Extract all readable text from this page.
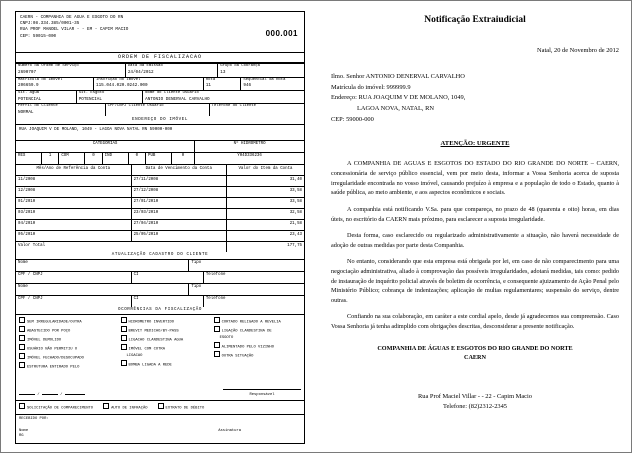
CAERN - COMPANHIA DE AGUA E ESGOTO DO RN
CNPJ:08.334.385/0001-35
RUA PROF MANOEL VILAR - - EM - CAPIM MACIO
CEP: 59015-000	000.001
ORDEM DE FISCALIZACAO
Número da Ordem de Serviço
2690707

Data da Emissão
24/04/2012

Grupo da Cobrança
13
Matrícula do Imóvel
206659.9

Inscrição do Imóvel
115.044.020.0242.000

Rota
11

Sequencial da Rota
946
Sit. Água
POTENCIAL

Sit. Esgoto
POTENCIAL

Nome do Cliente usuário
ANTONIO DENERVAL CARVALHO
Perfil do Cliente
NORMAL

CPF/CNPJ Cliente Usuário	Telefone do Cliente
ENDEREÇO DO IMÓVEL
RUA JOAQUIM V DE MOLAND, 1049 - LAGOA NOVA NATAL RN 59000-000
CATEGORIAS	Nº HIDRÔMETRO
RES	1	COM	0	IND	0	PUB	0	Y04D336236
Mês/Ano de Referência da Conta	Data de Vencimento da Conta	Valor do Item da Conta
11/2008	27/11/2008	31,40
12/2008	27/12/2008	33,58
01/2010	27/01/2010	33,58
03/2010	23/03/2010	32,58
04/2010	27/04/2010	21,58
05/2010	25/05/2010	23,43
Valor Total		177,75
ATUALIZAÇÃO CADASTRO DO CLIENTE
Nome	Tipo
CPF / CNPJ	CI	Telefone
Nome	Tipo
CPF / CNPJ	CI	Telefone
OCORRÊNCIAS DA FISCALIZAÇÃO
SEM IRREGULARIDADE/OUTRA
ABASTECIDO POR POÇO
IMÓVEL DEMOLIDO
USUÁRIO NÃO PERMITIU O
IMÓVEL FECHADO/DESOCUPADO
ESTRUTURA ENTIRADO PELO
HIDROMETRO INVERTIDO
BREVIT MEDICAO/BY-PASS
LIGACAO CLANDESTINA AGUA
IMÓVEL COM COTRA
LIGACAO
BOMBA LIGADA A REDE
CORTADO RELIGADO A REVELIA
LIGAÇÃO CLANDESTINA DE
ESGOTO
ALIMENTADO PELO VIZINHO
OUTRA SITUAÇÃO
/	/	Responsável
SOLICITAÇÃO DE COMPARECIMENTO	AUTO DE INFRAÇÃO	EXTRATO DE DÉBITO
RECEBIDO POR:
Nome	Assinatura
RG
Notificação Extraiudicial
Natal, 20 de Novembro de 2012
Ilmo. Senhor ANTONIO DENERVAL CARVALHO
Matrícula do imóvel: 999999.9
Endereço: RUA JOAQUIM V DE MOLANO, 1049,
LAGOA NOVA, NATAL, RN
CEP: 59000-000
ATENÇÃO: URGENTE
A COMPANHIA DE AGUAS E ESGOTOS DO ESTADO DO RIO GRANDE DO NORTE – CAERN, concessionária de serviço público essencial, vem por meio desta, informar a Vossa Senhoria acerca de suposta irregularidade encontrada no vosso imóvel, causando prejuízo à empresa e a população de todo o Estado, quanto à saúde pública, ao meio ambiente, e aos aspectos econômicos e sociais.
A companhia está notificando V.Sa. para que compareça, no prazo de 48 (quarenta e oito) horas, em dias úteis, no escritório da CAERN mais próximo, para esclarecer a suposta irregularidade.
Desta forma, caso esclarecido ou regularizado administrativamente a situação, não haverá necessidade de adoção de outras medidas por parte desta Companhia.
No entanto, considerando que esta empresa está obrigada por lei, em caso de não comparecimento para uma negociação administrativa, aliado à comprovação das possíveis irregularidades, adotará medidas, tais como: pedido de instauração de inquérito policial através de boletim de ocorrência, e consequente ajuizamento de Ação Penal pelo Ministério Público; cobrança de indenizações; aplicação de multas regulamentares; suspensão do serviço, dentre outras.
Confiando na sua colaboração, em caráter a este cordial apelo, desde já agradecemos sua compreensão. Caso Vossa Senhoria já tenha adimplido com obrigações descritas, desconsiderar a presente notificação.
COMPANHIA DE ÁGUAS E ESGOTOS DO RIO GRANDE DO NORTE
CAERN
Rua Prof Maciel Villar - - 22 - Capim Macio
Telefone: (82)2312-2345
